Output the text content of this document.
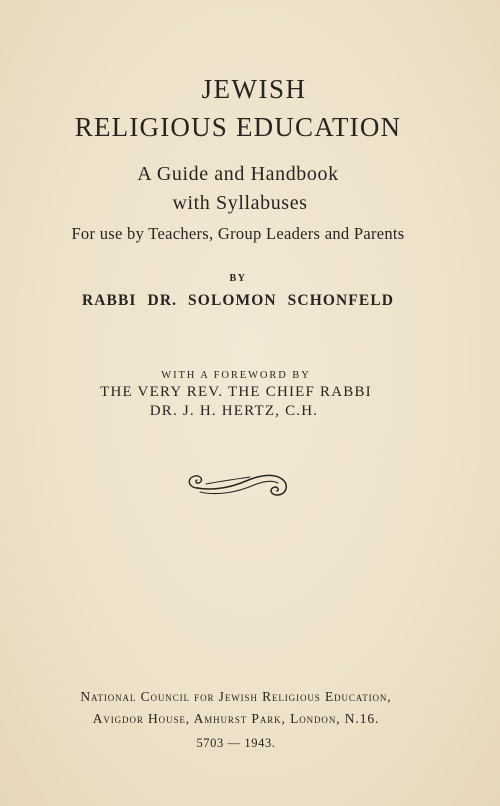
JEWISH
RELIGIOUS EDUCATION
A Guide and Handbook
with Syllabuses
For use by Teachers, Group Leaders and Parents
BY
RABBI DR. SOLOMON SCHONFELD
WITH A FOREWORD BY
THE VERY REV. THE CHIEF RABBI
DR. J. H. HERTZ, C.H.
National Council for Jewish Religious Education,
Avigdor House, Amhurst Park, London, N.16.
5703 — 1943.
